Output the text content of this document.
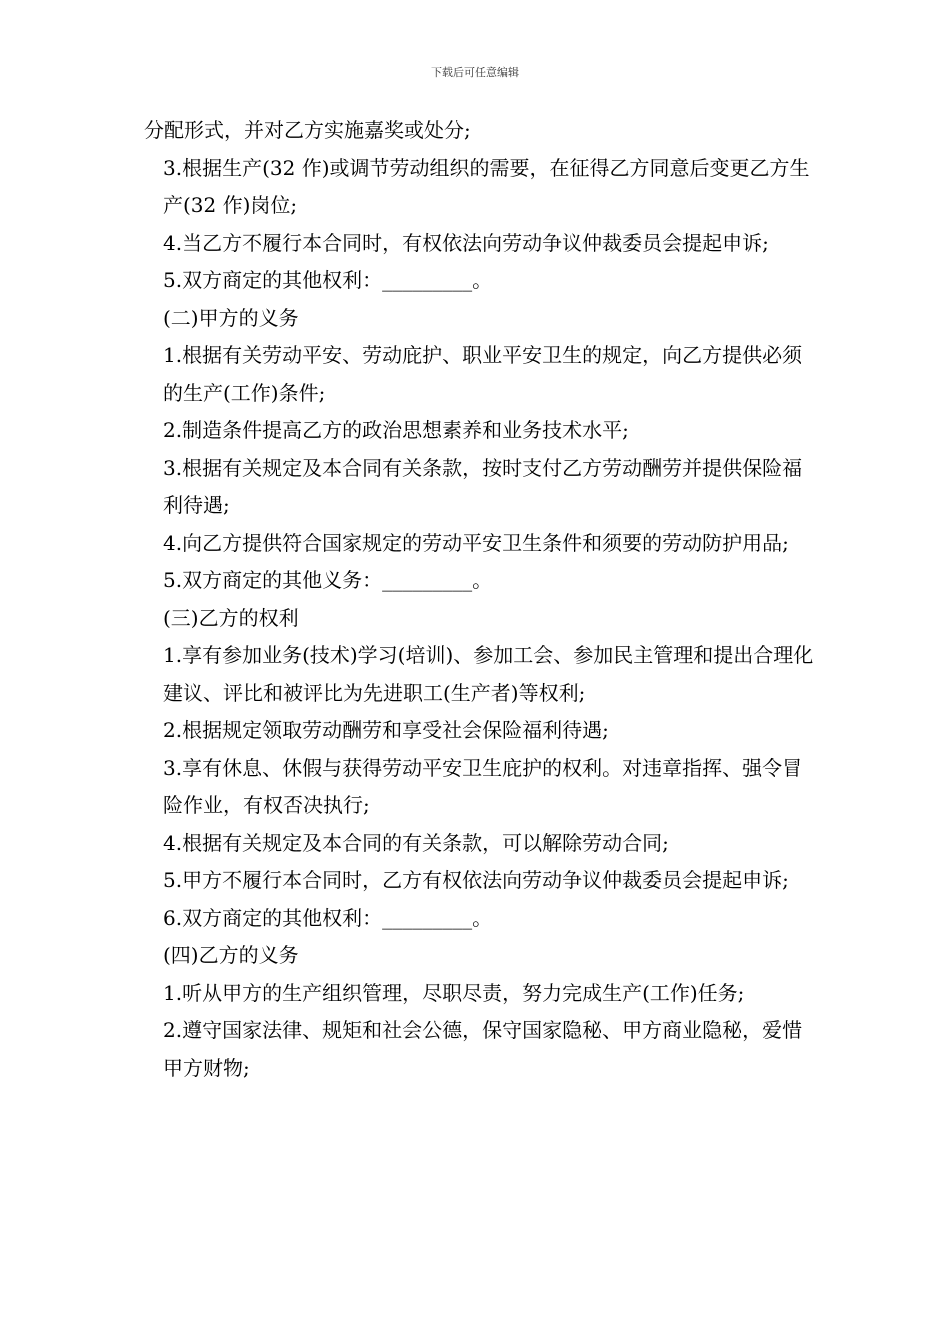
下载后可任意编辑

分配形式，并对乙方实施嘉奖或处分;

3.根据生产(32 作)或调节劳动组织的需要，在征得乙方同意后变更乙方生产(32 作)岗位;

4.当乙方不履行本合同时，有权依法向劳动争议仲裁委员会提起申诉;

5.双方商定的其他权利：_________。

(二)甲方的义务

1.根据有关劳动平安、劳动庇护、职业平安卫生的规定，向乙方提供必须的生产(工作)条件;

2.制造条件提高乙方的政治思想素养和业务技术水平;

3.根据有关规定及本合同有关条款，按时支付乙方劳动酬劳并提供保险福利待遇;

4.向乙方提供符合国家规定的劳动平安卫生条件和须要的劳动防护用品;

5.双方商定的其他义务：_________。

(三)乙方的权利

1.享有参加业务(技术)学习(培训)、参加工会、参加民主管理和提出合理化建议、评比和被评比为先进职工(生产者)等权利;

2.根据规定领取劳动酬劳和享受社会保险福利待遇;

3.享有休息、休假与获得劳动平安卫生庇护的权利。对违章指挥、强令冒险作业，有权否决执行;

4.根据有关规定及本合同的有关条款，可以解除劳动合同;

5.甲方不履行本合同时，乙方有权依法向劳动争议仲裁委员会提起申诉;

6.双方商定的其他权利：_________。

(四)乙方的义务

1.听从甲方的生产组织管理，尽职尽责，努力完成生产(工作)任务;

2.遵守国家法律、规矩和社会公德，保守国家隐秘、甲方商业隐秘，爱惜甲方财物;
